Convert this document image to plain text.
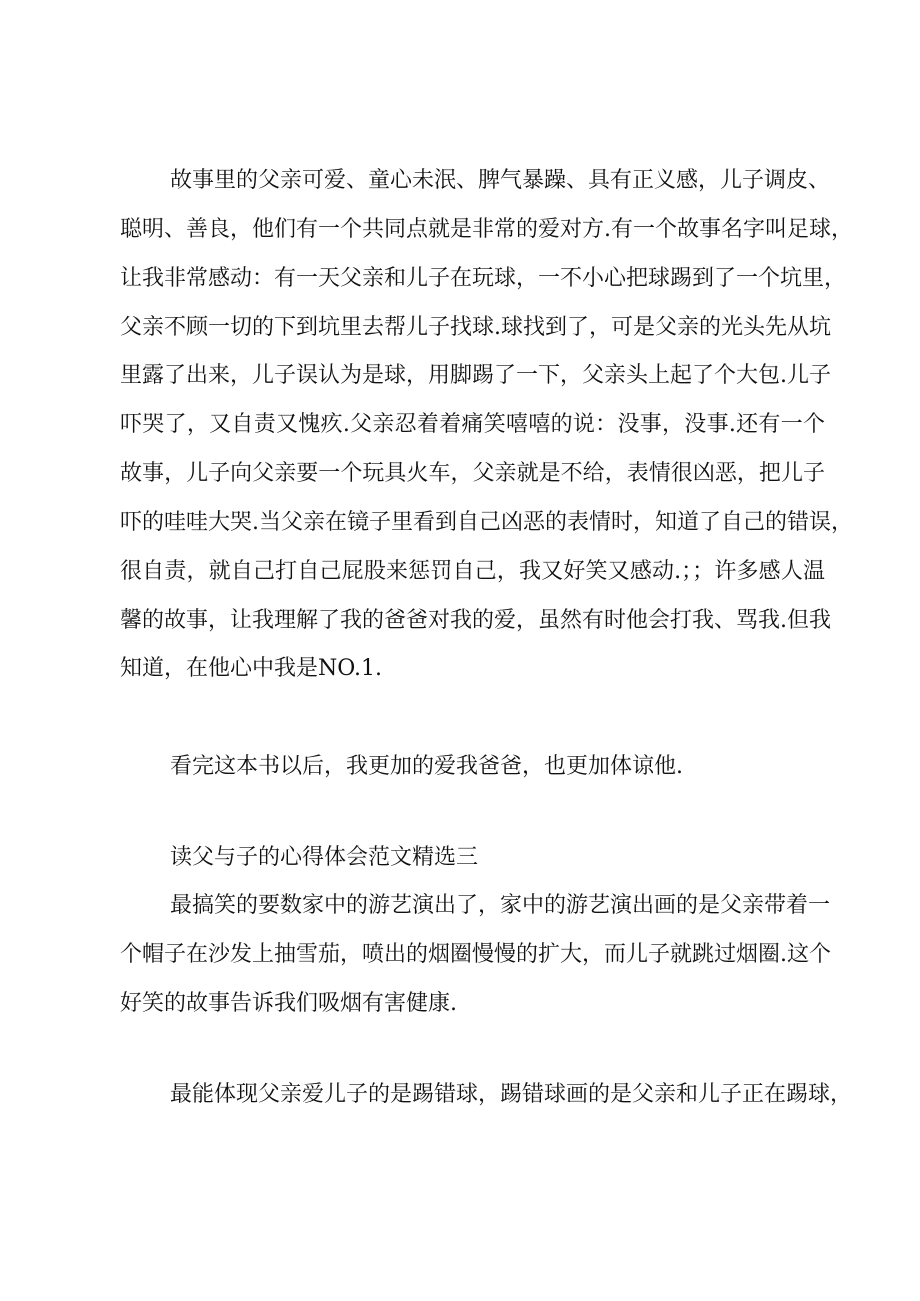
故事里的父亲可爱、童心未泯、脾气暴躁、具有正义感，儿子调皮、
聪明、善良，他们有一个共同点就是非常的爱对方.有一个故事名字叫足球，
让我非常感动：有一天父亲和儿子在玩球，一不小心把球踢到了一个坑里，
父亲不顾一切的下到坑里去帮儿子找球.球找到了，可是父亲的光头先从坑
里露了出来，儿子误认为是球，用脚踢了一下，父亲头上起了个大包.儿子
吓哭了，又自责又愧疚.父亲忍着着痛笑嘻嘻的说：没事，没事.还有一个
故事，儿子向父亲要一个玩具火车，父亲就是不给，表情很凶恶，把儿子
吓的哇哇大哭.当父亲在镜子里看到自己凶恶的表情时，知道了自己的错误，
很自责，就自己打自己屁股来惩罚自己，我又好笑又感动.；；许多感人温
馨的故事，让我理解了我的爸爸对我的爱，虽然有时他会打我、骂我.但我
知道，在他心中我是NO.1.
看完这本书以后，我更加的爱我爸爸，也更加体谅他.
读父与子的心得体会范文精选三
最搞笑的要数家中的游艺演出了，家中的游艺演出画的是父亲带着一
个帽子在沙发上抽雪茄，喷出的烟圈慢慢的扩大，而儿子就跳过烟圈.这个
好笑的故事告诉我们吸烟有害健康.
最能体现父亲爱儿子的是踢错球，踢错球画的是父亲和儿子正在踢球，
